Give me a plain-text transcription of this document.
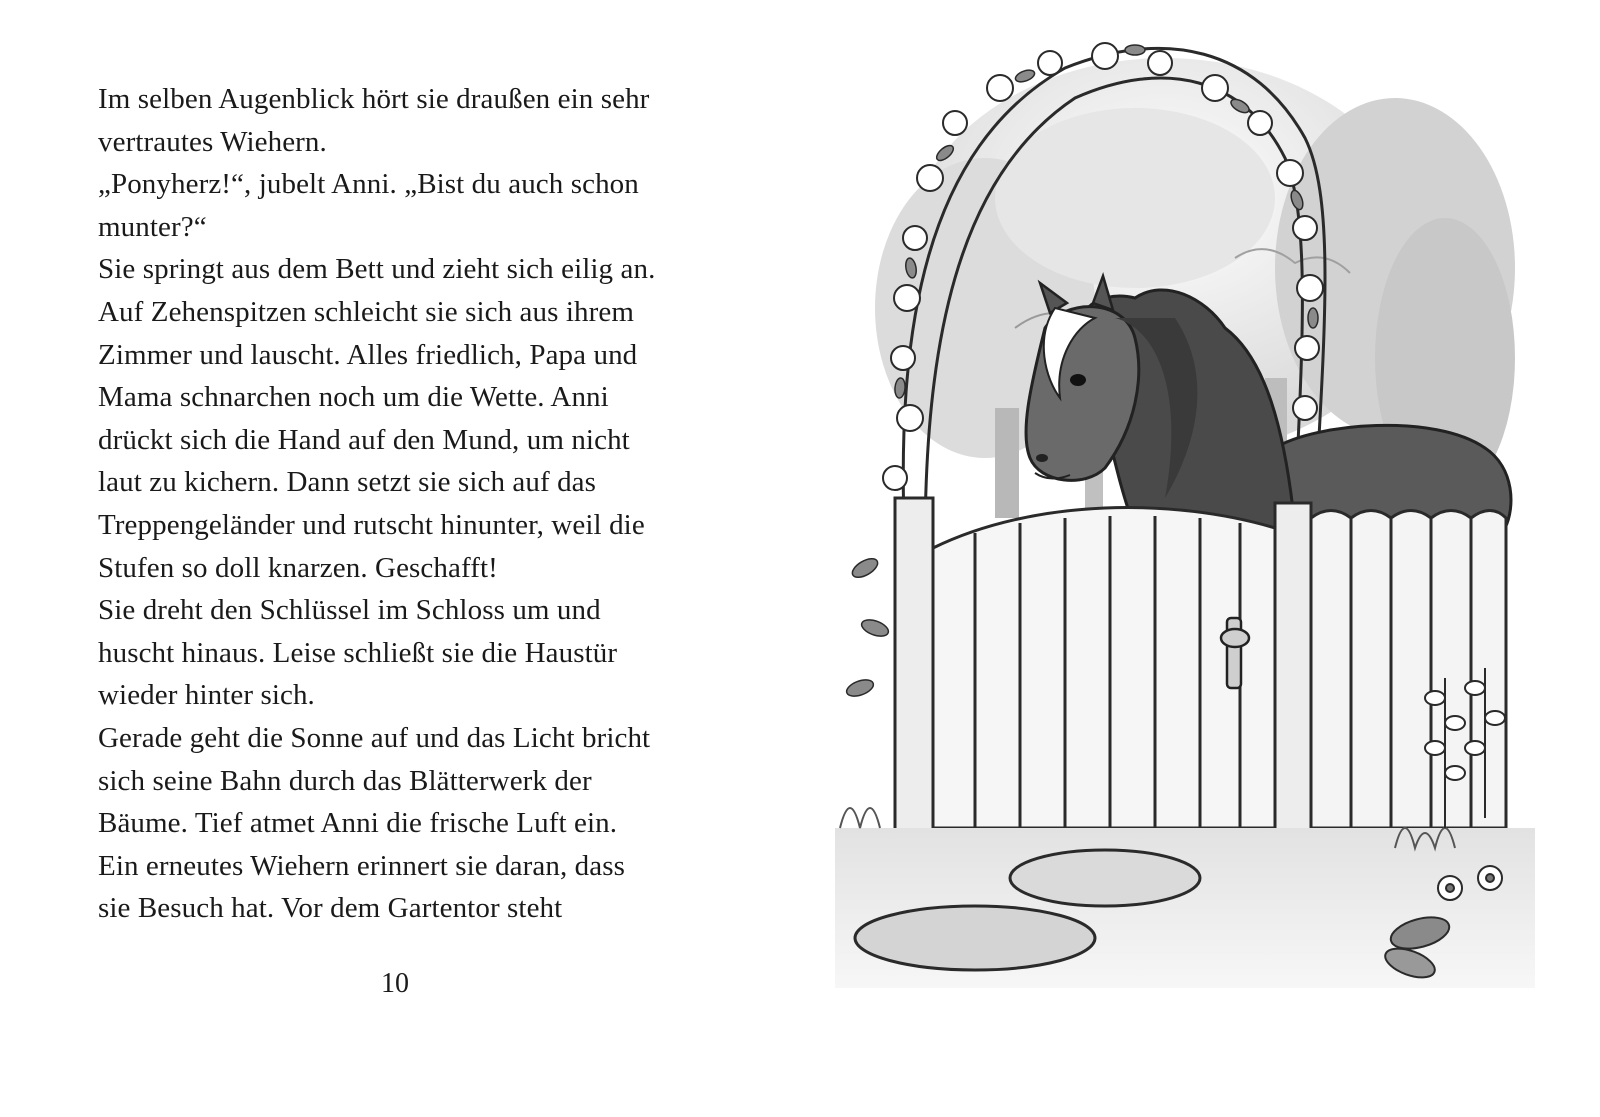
Im selben Augenblick hört sie draußen ein sehr
vertrautes Wiehern.
„Ponyherz!“, jubelt Anni. „Bist du auch schon
munter?“
Sie springt aus dem Bett und zieht sich eilig an.
Auf Zehenspitzen schleicht sie sich aus ihrem
Zimmer und lauscht. Alles friedlich, Papa und
Mama schnarchen noch um die Wette. Anni
drückt sich die Hand auf den Mund, um nicht
laut zu kichern. Dann setzt sie sich auf das
Treppengeländer und rutscht hinunter, weil die
Stufen so doll knarzen. Geschafft!
Sie dreht den Schlüssel im Schloss um und
huscht hinaus. Leise schließt sie die Haustür
wieder hinter sich.
Gerade geht die Sonne auf und das Licht bricht
sich seine Bahn durch das Blätterwerk der
Bäume. Tief atmet Anni die frische Luft ein.
Ein erneutes Wiehern erinnert sie daran, dass
sie Besuch hat. Vor dem Gartentor steht
10
